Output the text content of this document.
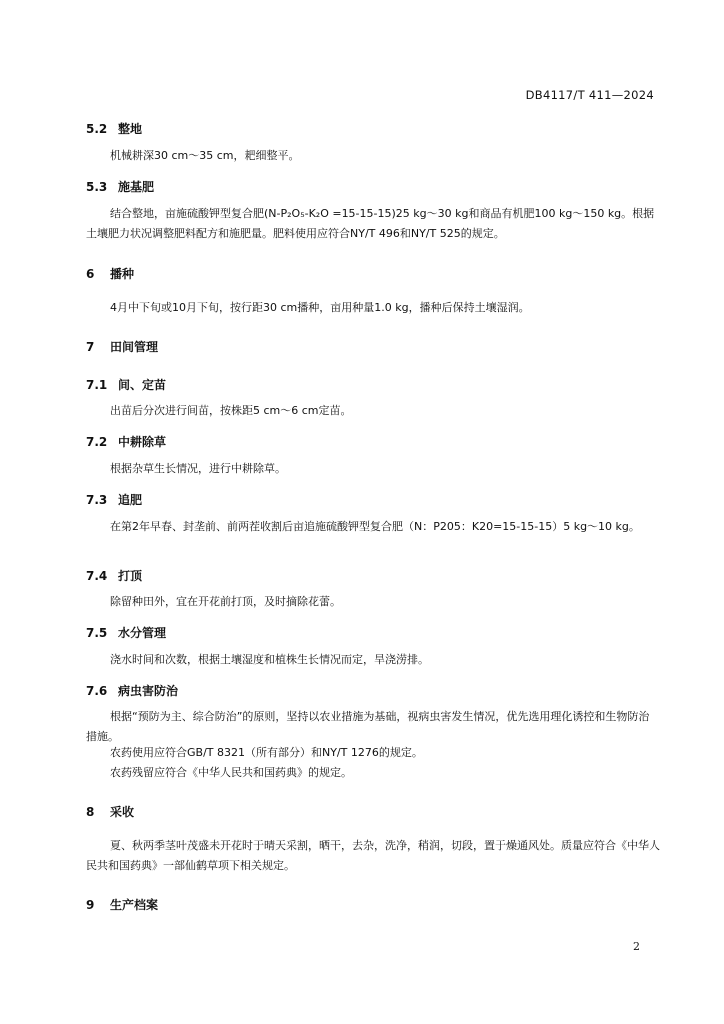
DB4117/T 411—2024
5.2 整地
机械耕深30 cm～35 cm，耙细整平。
5.3 施基肥
结合整地，亩施硫酸钾型复合肥(N-P₂O₅-K₂O =15-15-15)25 kg～30 kg和商品有机肥100 kg～150 kg。根据土壤肥力状况调整肥料配方和施肥量。肥料使用应符合NY/T 496和NY/T 525的规定。
6 播种
4月中下旬或10月下旬，按行距30 cm播种，亩用种量1.0 kg，播种后保持土壤湿润。
7 田间管理
7.1 间、定苗
出苗后分次进行间苗，按株距5 cm～6 cm定苗。
7.2 中耕除草
根据杂草生长情况，进行中耕除草。
7.3 追肥
在第2年早春、封垄前、前两茬收割后亩追施硫酸钾型复合肥（N：P205：K20=15-15-15）5 kg～10 kg。
7.4 打顶
除留种田外，宜在开花前打顶，及时摘除花蕾。
7.5 水分管理
浇水时间和次数，根据土壤湿度和植株生长情况而定，旱浇涝排。
7.6 病虫害防治
根据“预防为主、综合防治”的原则，坚持以农业措施为基础，视病虫害发生情况，优先选用理化诱控和生物防治措施。
农药使用应符合GB/T 8321（所有部分）和NY/T 1276的规定。
农药残留应符合《中华人民共和国药典》的规定。
8 采收
夏、秋两季茎叶茂盛未开花时于晴天采割，晒干，去杂，洗净，稍润，切段，置于燥通风处。质量应符合《中华人民共和国药典》一部仙鹤草项下相关规定。
9 生产档案
2
